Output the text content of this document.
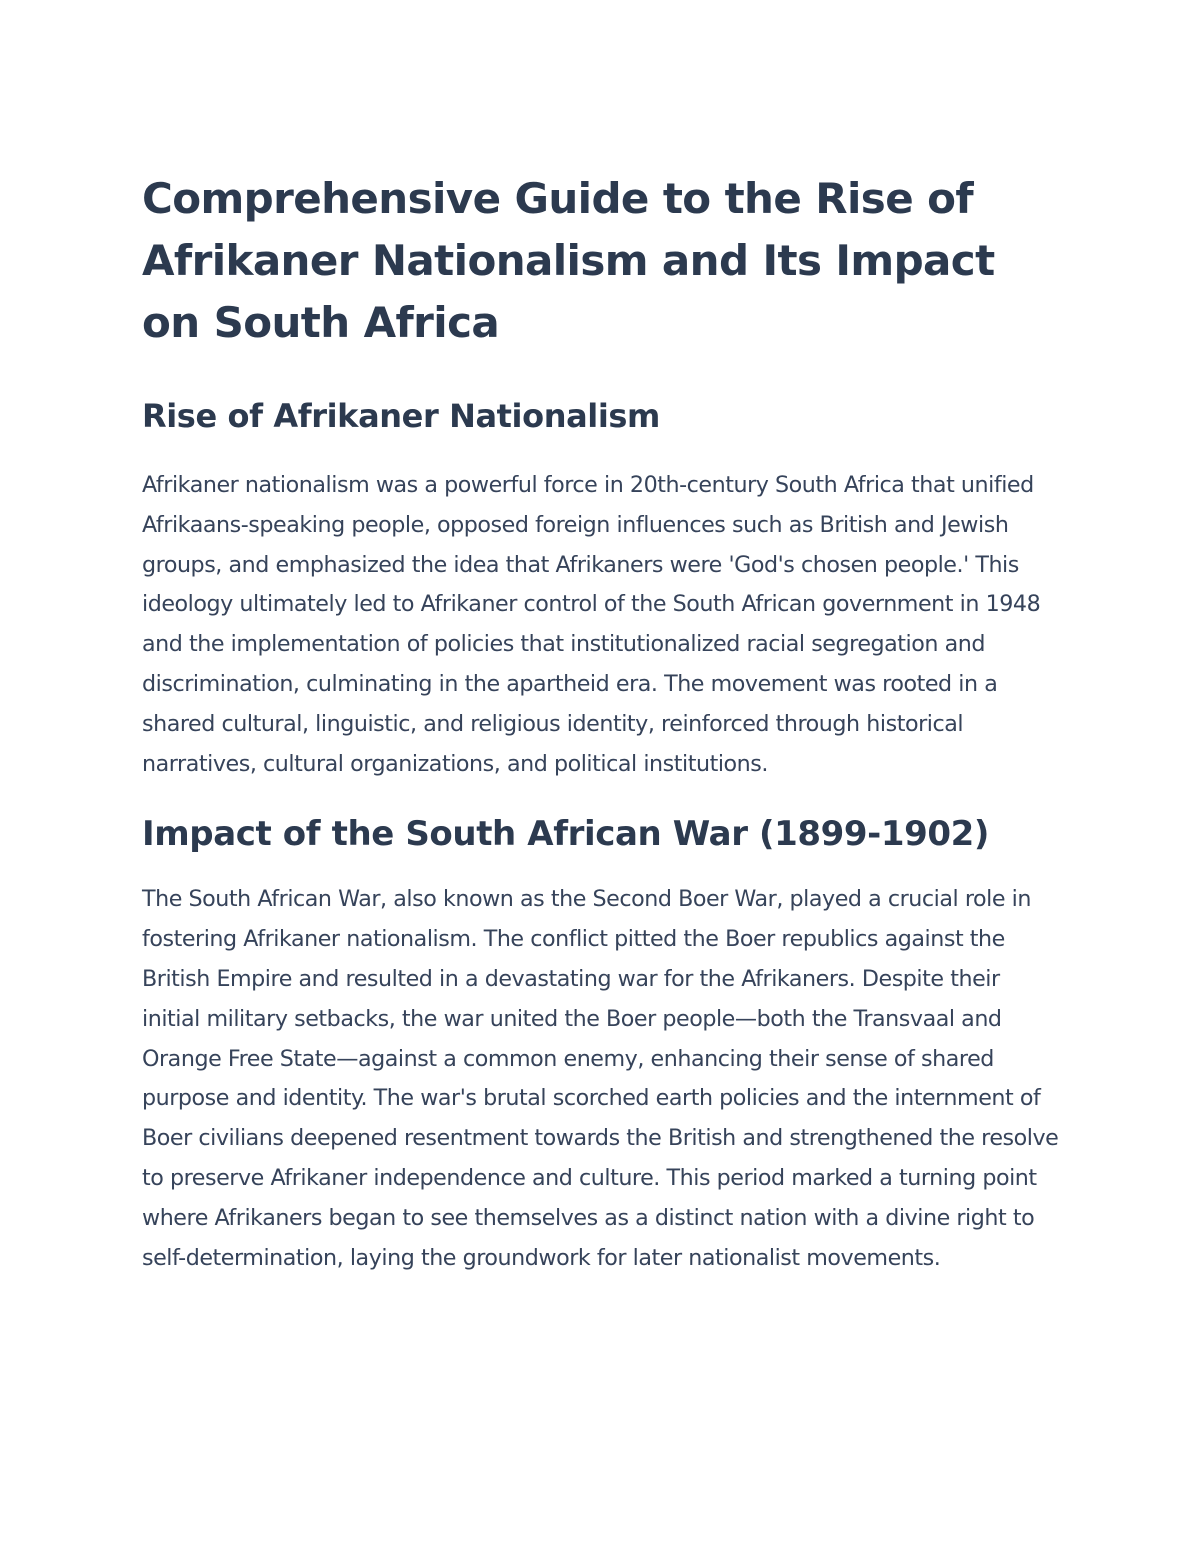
Comprehensive Guide to the Rise of Afrikaner Nationalism and Its Impact on South Africa
Rise of Afrikaner Nationalism

Afrikaner nationalism was a powerful force in 20th-century South Africa that unified Afrikaans-speaking people, opposed foreign influences such as British and Jewish groups, and emphasized the idea that Afrikaners were 'God's chosen people.' This ideology ultimately led to Afrikaner control of the South African government in 1948 and the implementation of policies that institutionalized racial segregation and discrimination, culminating in the apartheid era. The movement was rooted in a shared cultural, linguistic, and religious identity, reinforced through historical narratives, cultural organizations, and political institutions.

Impact of the South African War (1899-1902)

The South African War, also known as the Second Boer War, played a crucial role in fostering Afrikaner nationalism. The conflict pitted the Boer republics against the British Empire and resulted in a devastating war for the Afrikaners. Despite their initial military setbacks, the war united the Boer people—both the Transvaal and Orange Free State—against a common enemy, enhancing their sense of shared purpose and identity. The war's brutal scorched earth policies and the internment of Boer civilians deepened resentment towards the British and strengthened the resolve to preserve Afrikaner independence and culture. This period marked a turning point where Afrikaners began to see themselves as a distinct nation with a divine right to self-determination, laying the groundwork for later nationalist movements.
